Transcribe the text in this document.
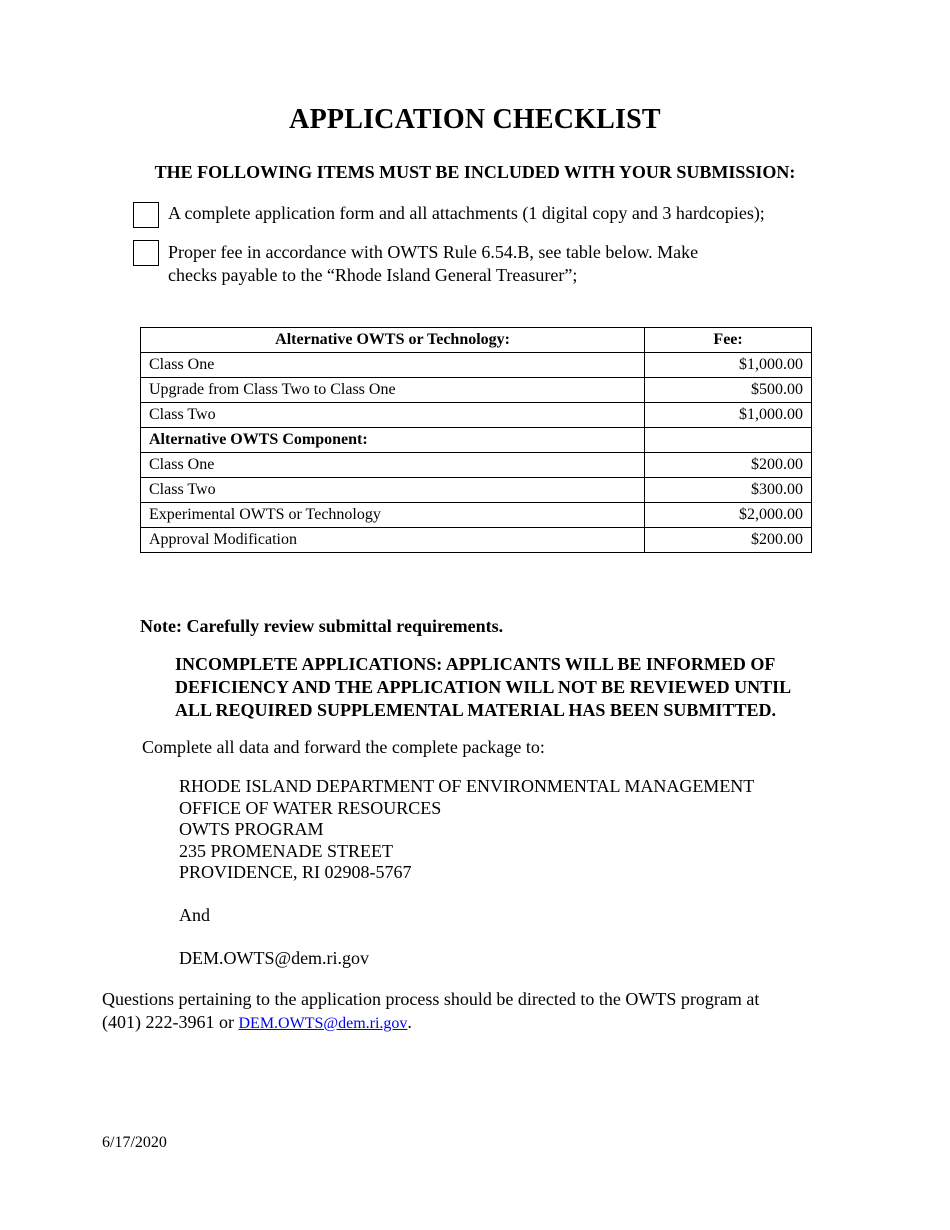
APPLICATION CHECKLIST
THE FOLLOWING ITEMS MUST BE INCLUDED WITH YOUR SUBMISSION:
A complete application form and all attachments (1 digital copy and 3 hardcopies);
Proper fee in accordance with OWTS Rule 6.54.B, see table below. Make
checks payable to the “Rhode Island General Treasurer”;
Alternative OWTS or Technology:	Fee:
Class One	$1,000.00
Upgrade from Class Two to Class One	$500.00
Class Two	$1,000.00
Alternative OWTS Component:	
Class One	$200.00
Class Two	$300.00
Experimental OWTS or Technology	$2,000.00
Approval Modification	$200.00
Note: Carefully review submittal requirements.
INCOMPLETE APPLICATIONS: APPLICANTS WILL BE INFORMED OF
DEFICIENCY AND THE APPLICATION WILL NOT BE REVIEWED UNTIL
ALL REQUIRED SUPPLEMENTAL MATERIAL HAS BEEN SUBMITTED.
Complete all data and forward the complete package to:
RHODE ISLAND DEPARTMENT OF ENVIRONMENTAL MANAGEMENT
OFFICE OF WATER RESOURCES
OWTS PROGRAM
235 PROMENADE STREET
PROVIDENCE, RI 02908-5767
And
DEM.OWTS@dem.ri.gov
Questions pertaining to the application process should be directed to the OWTS program at
(401) 222-3961 or DEM.OWTS@dem.ri.gov.
6/17/2020
